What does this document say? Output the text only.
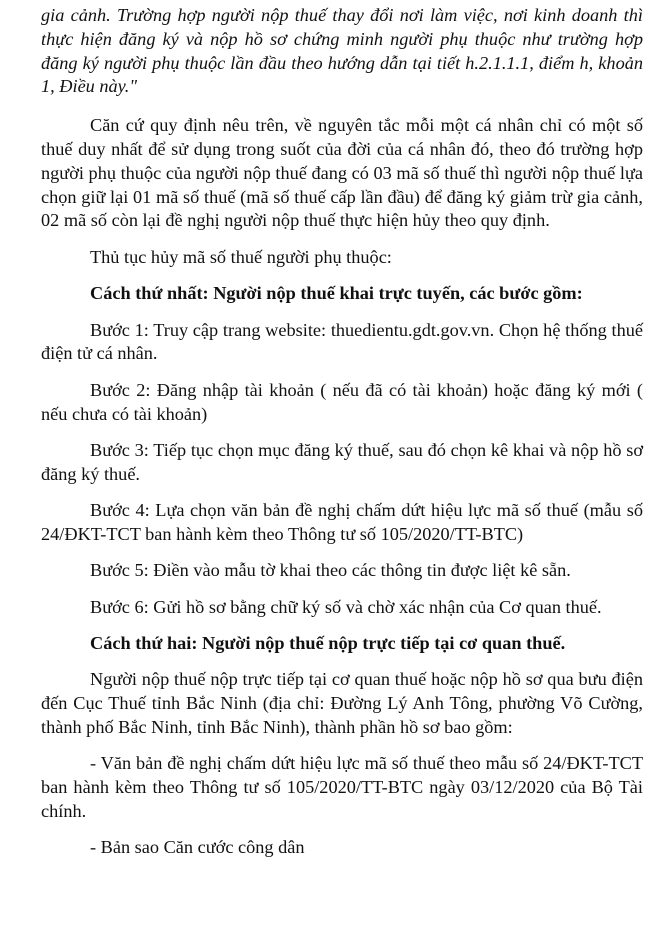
gia cảnh. Trường hợp người nộp thuế thay đổi nơi làm việc, nơi kinh doanh thì thực hiện đăng ký và nộp hồ sơ chứng minh người phụ thuộc như trường hợp đăng ký người phụ thuộc lần đầu theo hướng dẫn tại tiết h.2.1.1.1, điểm h, khoản 1, Điều này."

Căn cứ quy định nêu trên, về nguyên tắc mỗi một cá nhân chỉ có một số thuế duy nhất để sử dụng trong suốt của đời của cá nhân đó, theo đó trường hợp người phụ thuộc của người nộp thuế đang có 03 mã số thuế thì người nộp thuế lựa chọn giữ lại 01 mã số thuế (mã số thuế cấp lần đầu) để đăng ký giảm trừ gia cảnh, 02 mã số còn lại đề nghị người nộp thuế thực hiện hủy theo quy định.

Thủ tục hủy mã số thuế người phụ thuộc:

Cách thứ nhất: Người nộp thuế khai trực tuyến, các bước gồm:

Bước 1: Truy cập trang website: thuedientu.gdt.gov.vn. Chọn hệ thống thuế điện tử cá nhân.

Bước 2: Đăng nhập tài khoản ( nếu đã có tài khoản) hoặc đăng ký mới ( nếu chưa có tài khoản)

Bước 3: Tiếp tục chọn mục đăng ký thuế, sau đó chọn kê khai và nộp hồ sơ đăng ký thuế.

Bước 4: Lựa chọn văn bản đề nghị chấm dứt hiệu lực mã số thuế (mẫu số 24/ĐKT-TCT ban hành kèm theo Thông tư số 105/2020/TT-BTC)

Bước 5: Điền vào mẫu tờ khai theo các thông tin được liệt kê sẵn.

Bước 6: Gửi hồ sơ bằng chữ ký số và chờ xác nhận của Cơ quan thuế.

Cách thứ hai: Người nộp thuế nộp trực tiếp tại cơ quan thuế.

Người nộp thuế nộp trực tiếp tại cơ quan thuế hoặc nộp hồ sơ qua bưu điện đến Cục Thuế tỉnh Bắc Ninh (địa chỉ: Đường Lý Anh Tông, phường Võ Cường, thành phố Bắc Ninh, tỉnh Bắc Ninh), thành phần hồ sơ bao gồm:

- Văn bản đề nghị chấm dứt hiệu lực mã số thuế theo mẫu số 24/ĐKT-TCT ban hành kèm theo Thông tư số 105/2020/TT-BTC ngày 03/12/2020 của Bộ Tài chính.

- Bản sao Căn cước công dân
